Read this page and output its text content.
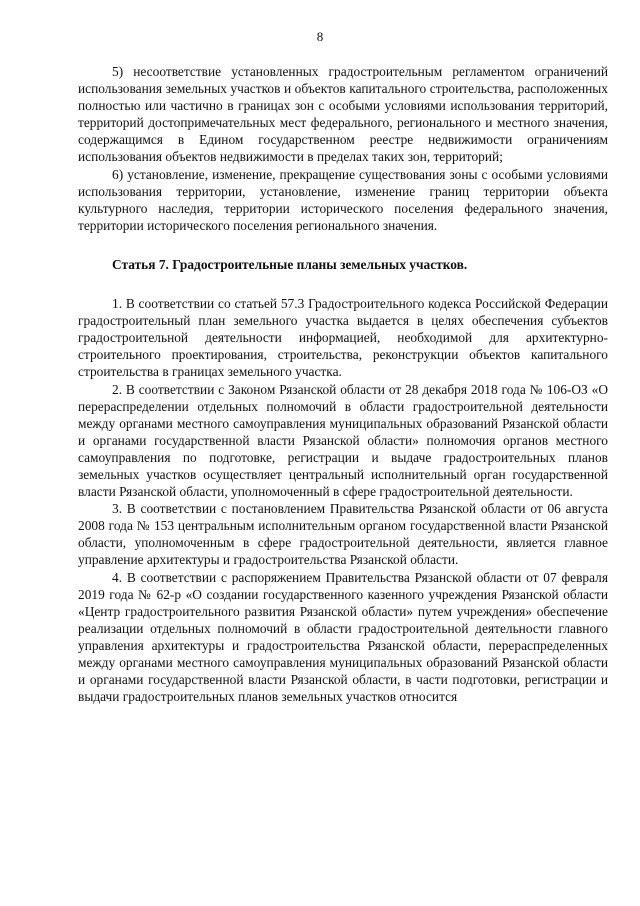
8

5) несоответствие установленных градостроительным регламентом ограничений использования земельных участков и объектов капитального строительства, расположенных полностью или частично в границах зон с особыми условиями использования территорий, территорий достопримечательных мест федерального, регионального и местного значения, содержащимся в Едином государственном реестре недвижимости ограничениям использования объектов недвижимости в пределах таких зон, территорий;

6) установление, изменение, прекращение существования зоны с особыми условиями использования территории, установление, изменение границ территории объекта культурного наследия, территории исторического поселения федерального значения, территории исторического поселения регионального значения.

Статья 7. Градостроительные планы земельных участков.

1. В соответствии со статьей 57.3 Градостроительного кодекса Российской Федерации градостроительный план земельного участка выдается в целях обеспечения субъектов градостроительной деятельности информацией, необходимой для архитектурно-строительного проектирования, строительства, реконструкции объектов капитального строительства в границах земельного участка.

2. В соответствии с Законом Рязанской области от 28 декабря 2018 года № 106-ОЗ «О перераспределении отдельных полномочий в области градостроительной деятельности между органами местного самоуправления муниципальных образований Рязанской области и органами государственной власти Рязанской области» полномочия органов местного самоуправления по подготовке, регистрации и выдаче градостроительных планов земельных участков осуществляет центральный исполнительный орган государственной власти Рязанской области, уполномоченный в сфере градостроительной деятельности.

3. В соответствии с постановлением Правительства Рязанской области от 06 августа 2008 года № 153 центральным исполнительным органом государственной власти Рязанской области, уполномоченным в сфере градостроительной деятельности, является главное управление архитектуры и градостроительства Рязанской области.

4. В соответствии с распоряжением Правительства Рязанской области от 07 февраля 2019 года № 62-р «О создании государственного казенного учреждения Рязанской области «Центр градостроительного развития Рязанской области» путем учреждения» обеспечение реализации отдельных полномочий в области градостроительной деятельности главного управления архитектуры и градостроительства Рязанской области, перераспределенных между органами местного самоуправления муниципальных образований Рязанской области и органами государственной власти Рязанской области, в части подготовки, регистрации и выдачи градостроительных планов земельных участков относится
